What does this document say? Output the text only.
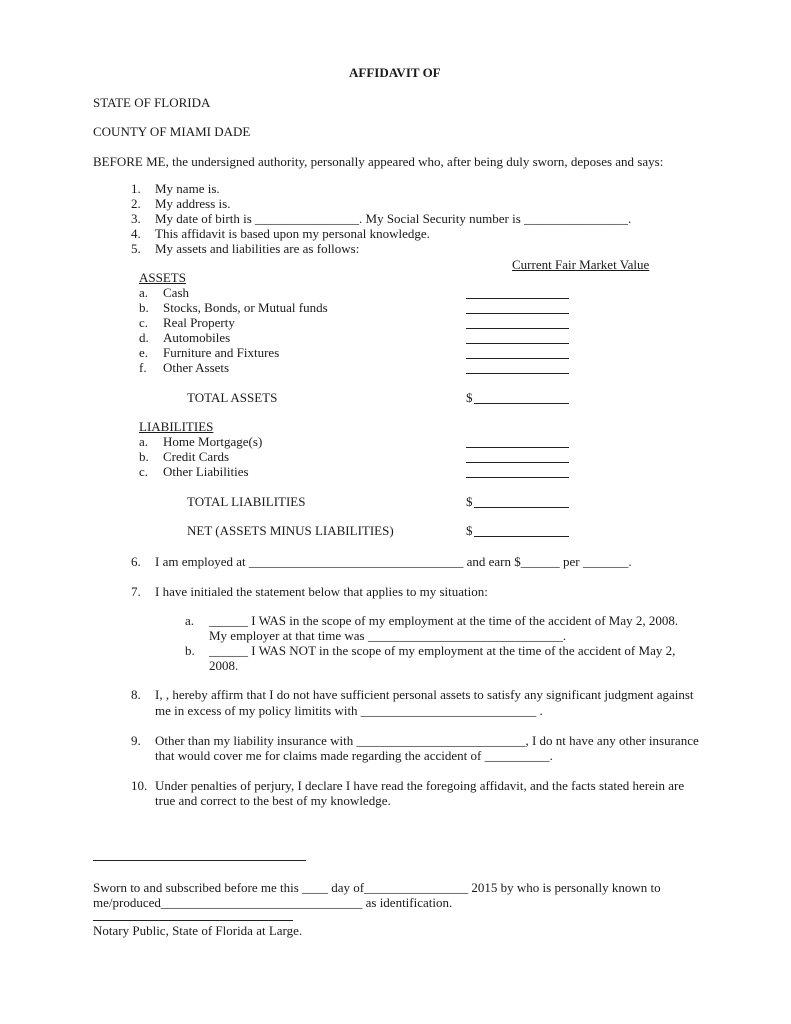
AFFIDAVIT OF
STATE OF FLORIDA
COUNTY OF MIAMI DADE
BEFORE ME, the undersigned authority, personally appeared who, after being duly sworn, deposes and says:
1. My name is.
2. My address is.
3. My date of birth is ________________. My Social Security number is ________________.
4. This affidavit is based upon my personal knowledge.
5. My assets and liabilities are as follows:
Current Fair Market Value
ASSETS
a. Cash
b. Stocks, Bonds, or Mutual funds
c. Real Property
d. Automobiles
e. Furniture and Fixtures
f. Other Assets
TOTAL ASSETS	$
LIABILITIES
a. Home Mortgage(s)
b. Credit Cards
c. Other Liabilities
TOTAL LIABILITIES	$
NET (ASSETS MINUS LIABILITIES)	$
6. I am employed at _________________________________ and earn $______ per _______.
7. I have initialed the statement below that applies to my situation:
a. ______ I WAS in the scope of my employment at the time of the accident of May 2, 2008.
My employer at that time was ______________________________.
b. ______ I WAS NOT in the scope of my employment at the time of the accident of May 2,
2008.
8. I, , hereby affirm that I do not have sufficient personal assets to satisfy any significant judgment against
me in excess of my policy limitits with ___________________________ .
9. Other than my liability insurance with __________________________, I do nt have any other insurance
that would cover me for claims made regarding the accident of __________.
10. Under penalties of perjury, I declare I have read the foregoing affidavit, and the facts stated herein are
true and correct to the best of my knowledge.
Sworn to and subscribed before me this ____ day of________________ 2015 by who is personally known to
me/produced_______________________________ as identification.
Notary Public, State of Florida at Large.
